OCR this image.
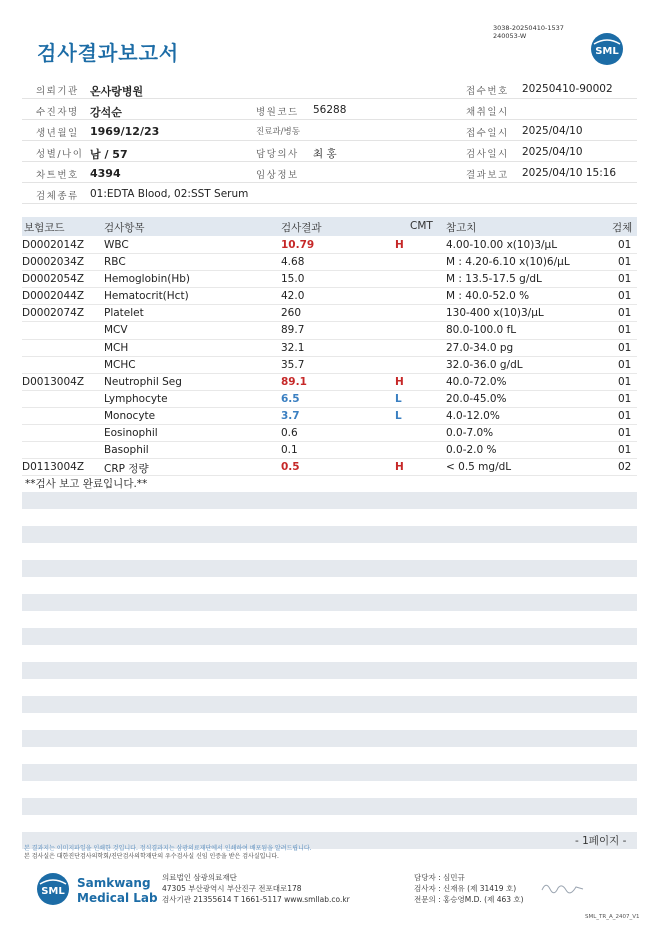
3038-20250410-1537
240053-W
검사결과보고서	SML
의뢰기관 온사랑병원	접수번호 20250410-90002
수진자명 강석순	병원코드 56288	채취일시
생년월일 1969/12/23	진료과/병동	접수일시 2025/04/10
성별/나이 남 / 57	담당의사 최 홍	검사일시 2025/04/10
차트번호 4394	임상정보	결과보고 2025/04/10 15:16
검체종류 01:EDTA Blood, 02:SST Serum
보험코드	검사항목	검사결과	CMT 참고치	검체
D0002014Z WBC	10.79	H	4.00-10.00 x(10)3/μL	01
D0002034Z RBC	4.68	M : 4.20-6.10 x(10)6/μL	01
D0002054Z Hemoglobin(Hb)	15.0	M : 13.5-17.5 g/dL	01
D0002044Z Hematocrit(Hct)	42.0	M : 40.0-52.0 %	01
D0002074Z Platelet	260	130-400 x(10)3/μL	01
MCV	89.7	80.0-100.0 fL	01
MCH	32.1	27.0-34.0 pg	01
MCHC	35.7	32.0-36.0 g/dL	01
D0013004Z Neutrophil Seg	89.1	H	40.0-72.0%	01
Lymphocyte	6.5	L	20.0-45.0%	01
Monocyte	3.7	L	4.0-12.0%	01
Eosinophil	0.6	0.0-7.0%	01
Basophil	0.1	0.0-2.0 %	01
D0113004Z CRP 정량	0.5	H	< 0.5 mg/dL	02
**검사 보고 완료입니다.**
- 1페이지 -
본 결과지는 이미지파일을 인쇄한 것입니다. 정식결과지는 삼광의료재단에서 인쇄하여 배포됨을 알려드립니다.
본 검사실은 대한진단검사의학회/진단검사의학재단의 우수검사실 신임 인증을 받은 검사실입니다.
SML
Samkwang
Medical Lab
의료법인 삼광의료재단
47305 부산광역시 부산진구 전포대로178
검사기관 21355614 T 1661-5117 www.smllab.co.kr
담당자 : 심민규
검사자 : 신재유 (제 31419 호)
전문의 : 홍승영M.D. (제 463 호)
SML_TR_A_2407_V1
